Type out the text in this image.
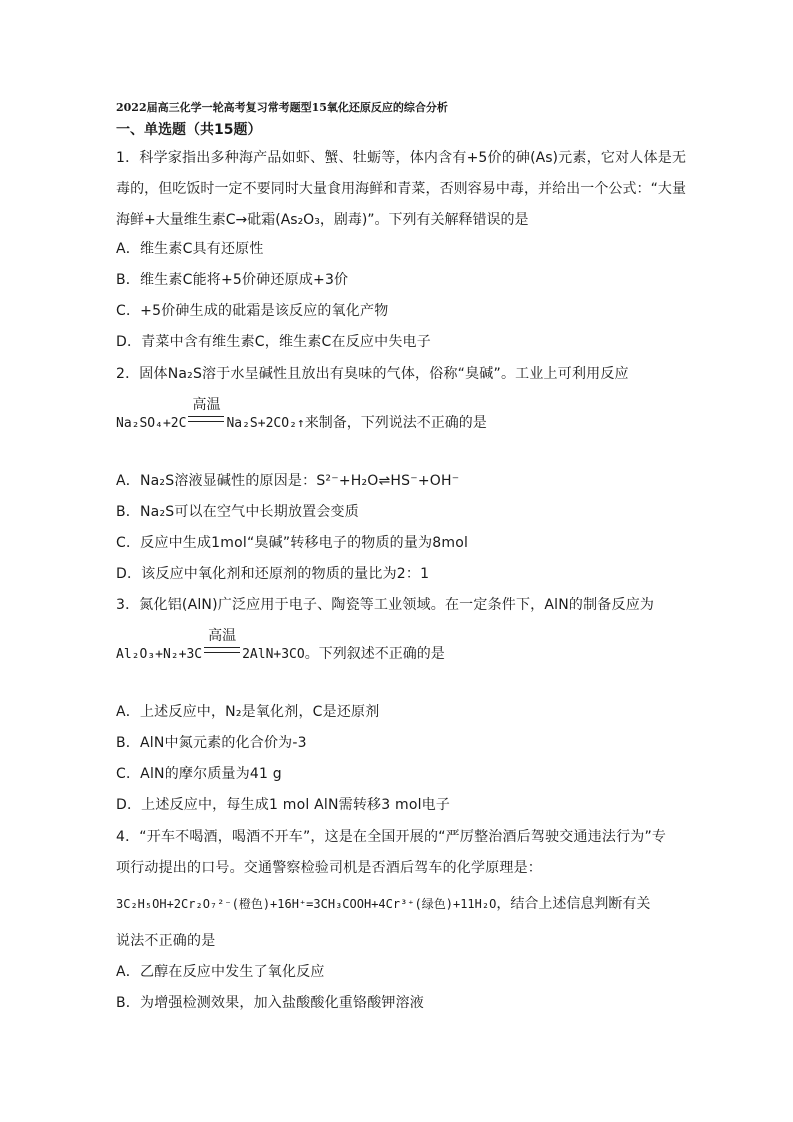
2022届高三化学一轮高考复习常考题型15氧化还原反应的综合分析
一、单选题（共15题）
1．科学家指出多种海产品如虾、蟹、牡蛎等，体内含有+5价的砷(As)元素，它对人体是无毒的，但吃饭时一定不要同时大量食用海鲜和青菜，否则容易中毒，并给出一个公式：“大量海鲜+大量维生素C→砒霜(As₂O₃，剧毒)”。下列有关解释错误的是
A．维生素C具有还原性
B．维生素C能将+5价砷还原成+3价
C．+5价砷生成的砒霜是该反应的氧化产物
D．青菜中含有维生素C，维生素C在反应中失电子
2．固体Na₂S溶于水呈碱性且放出有臭味的气体，俗称“臭碱”。工业上可利用反应
Na₂SO₄+2C
高温
Na₂S+2CO₂↑来制备，下列说法不正确的是
A．Na₂S溶液显碱性的原因是：S²⁻+H₂O⇌HS⁻+OH⁻
B．Na₂S可以在空气中长期放置会变质
C．反应中生成1mol“臭碱”转移电子的物质的量为8mol
D．该反应中氧化剂和还原剂的物质的量比为2：1
3．氮化铝(AlN)广泛应用于电子、陶瓷等工业领域。在一定条件下，AlN的制备反应为
Al₂O₃+N₂+3C
高温
2AlN+3CO。下列叙述不正确的是
A．上述反应中，N₂是氧化剂，C是还原剂
B．AlN中氮元素的化合价为-3
C．AlN的摩尔质量为41 g
D．上述反应中，每生成1 mol AlN需转移3 mol电子
4．“开车不喝酒，喝酒不开车”，这是在全国开展的“严厉整治酒后驾驶交通违法行为”专
项行动提出的口号。交通警察检验司机是否酒后驾车的化学原理是：
3C₂H₅OH+2Cr₂O₇²⁻(橙色)+16H⁺=3CH₃COOH+4Cr³⁺(绿色)+11H₂O，结合上述信息判断有关
说法不正确的是
A．乙醇在反应中发生了氧化反应
B．为增强检测效果，加入盐酸酸化重铬酸钾溶液
